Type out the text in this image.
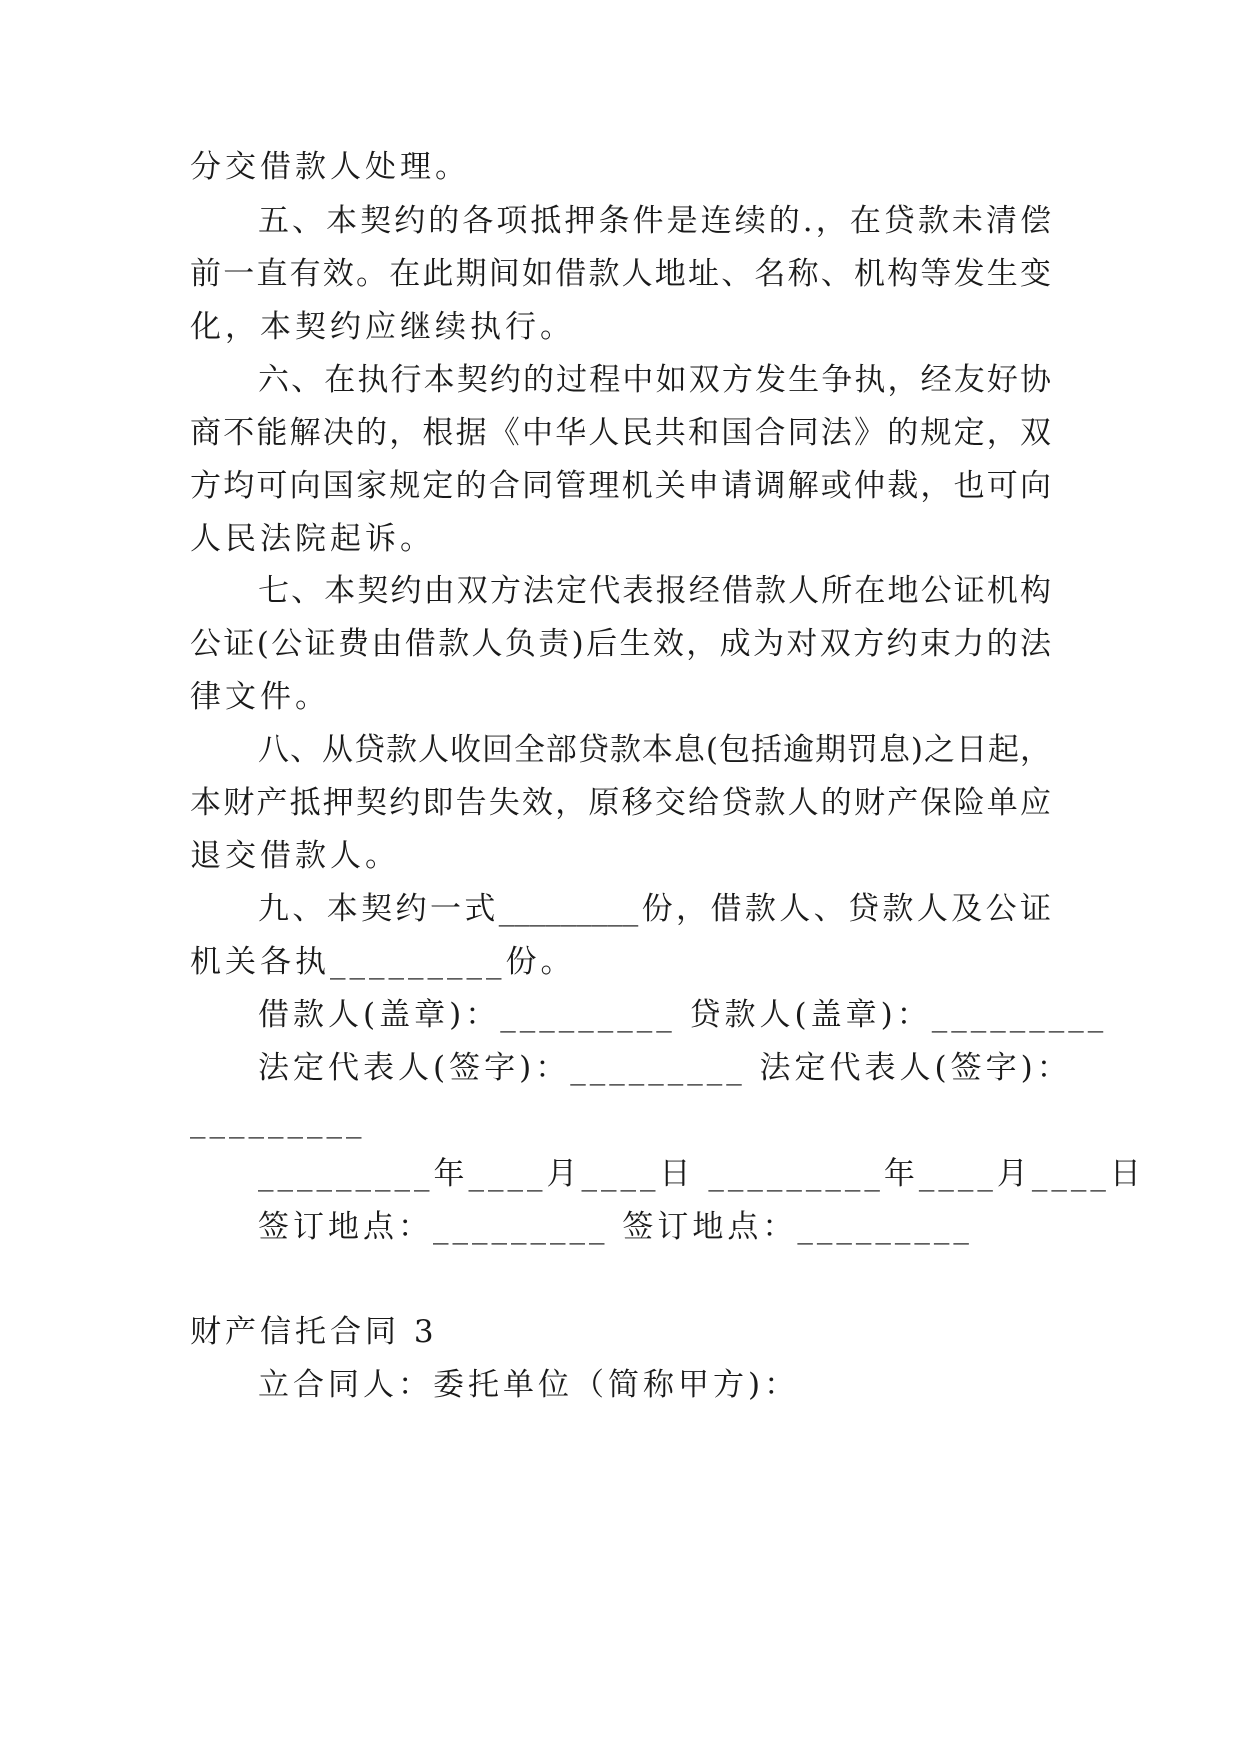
分交借款人处理。
五、本契约的各项抵押条件是连续的.，在贷款未清偿
前一直有效。在此期间如借款人地址、名称、机构等发生变
化，本契约应继续执行。
六、在执行本契约的过程中如双方发生争执，经友好协
商不能解决的，根据《中华人民共和国合同法》的规定，双
方均可向国家规定的合同管理机关申请调解或仲裁，也可向
人民法院起诉。
七、本契约由双方法定代表报经借款人所在地公证机构
公证(公证费由借款人负责)后生效，成为对双方约束力的法
律文件。
八、从贷款人收回全部贷款本息(包括逾期罚息)之日起，
本财产抵押契约即告失效，原移交给贷款人的财产保险单应
退交借款人。
九、本契约一式_________份，借款人、贷款人及公证
机关各执_________份。
借款人(盖章)：_________ 贷款人(盖章)：_________
法定代表人(签字)：_________ 法定代表人(签字)：
_________
_________年____月____日 _________年____月____日
签订地点：_________ 签订地点：_________
财产信托合同 3
立合同人：委托单位（简称甲方)：
